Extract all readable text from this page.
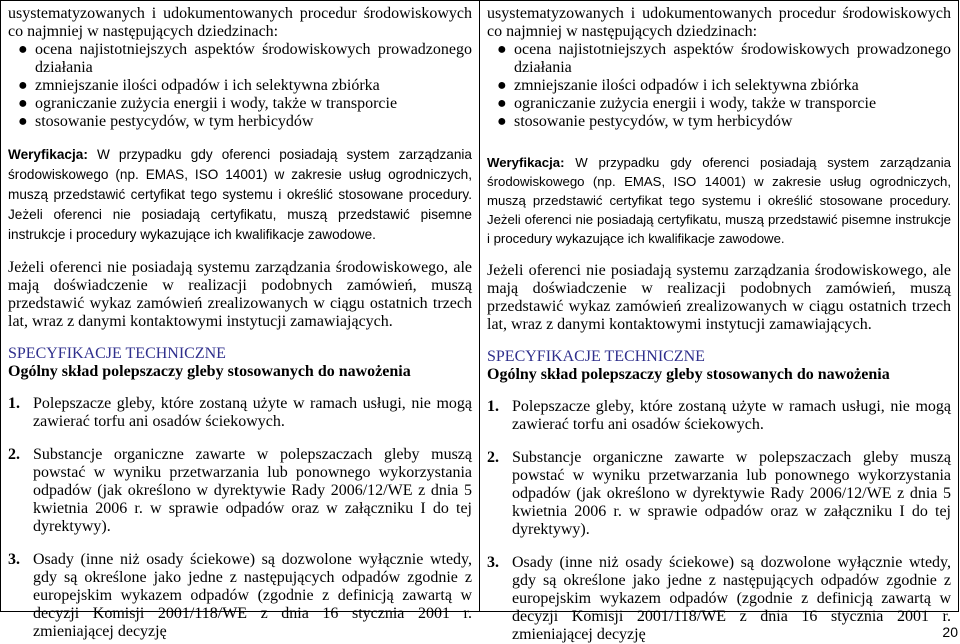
usystematyzowanych i udokumentowanych procedur środowiskowych co najmniej w następujących dziedzinach:

● ocena najistotniejszych aspektów środowiskowych prowadzonego działania
● zmniejszanie ilości odpadów i ich selektywna zbiórka
● ograniczanie zużycia energii i wody, także w transporcie
● stosowanie pestycydów, w tym herbicydów

Weryfikacja: W przypadku gdy oferenci posiadają system zarządzania środowiskowego (np. EMAS, ISO 14001) w zakresie usług ogrodniczych, muszą przedstawić certyfikat tego systemu i określić stosowane procedury. Jeżeli oferenci nie posiadają certyfikatu, muszą przedstawić pisemne instrukcje i procedury wykazujące ich kwalifikacje zawodowe.

Jeżeli oferenci nie posiadają systemu zarządzania środowiskowego, ale mają doświadczenie w realizacji podobnych zamówień, muszą przedstawić wykaz zamówień zrealizowanych w ciągu ostatnich trzech lat, wraz z danymi kontaktowymi instytucji zamawiających.

SPECYFIKACJE TECHNICZNE

Ogólny skład polepszaczy gleby stosowanych do nawożenia

1. Polepszacze gleby, które zostaną użyte w ramach usługi, nie mogą zawierać torfu ani osadów ściekowych.
2. Substancje organiczne zawarte w polepszaczach gleby muszą powstać w wyniku przetwarzania lub ponownego wykorzystania odpadów (jak określono w dyrektywie Rady 2006/12/WE z dnia 5 kwietnia 2006 r. w sprawie odpadów oraz w załączniku I do tej dyrektywy).
3. Osady (inne niż osady ściekowe) są dozwolone wyłącznie wtedy, gdy są określone jako jedne z następujących odpadów zgodnie z europejskim wykazem odpadów (zgodnie z definicją zawartą w decyzji Komisji 2001/118/WE z dnia 16 stycznia 2001 r. zmieniającej decyzję

usystematyzowanych i udokumentowanych procedur środowiskowych co najmniej w następujących dziedzinach:

● ocena najistotniejszych aspektów środowiskowych prowadzonego działania
● zmniejszanie ilości odpadów i ich selektywna zbiórka
● ograniczanie zużycia energii i wody, także w transporcie
● stosowanie pestycydów, w tym herbicydów

Weryfikacja: W przypadku gdy oferenci posiadają system zarządzania środowiskowego (np. EMAS, ISO 14001) w zakresie usług ogrodniczych, muszą przedstawić certyfikat tego systemu i określić stosowane procedury. Jeżeli oferenci nie posiadają certyfikatu, muszą przedstawić pisemne instrukcje i procedury wykazujące ich kwalifikacje zawodowe.

Jeżeli oferenci nie posiadają systemu zarządzania środowiskowego, ale mają doświadczenie w realizacji podobnych zamówień, muszą przedstawić wykaz zamówień zrealizowanych w ciągu ostatnich trzech lat, wraz z danymi kontaktowymi instytucji zamawiających.

SPECYFIKACJE TECHNICZNE

Ogólny skład polepszaczy gleby stosowanych do nawożenia

1. Polepszacze gleby, które zostaną użyte w ramach usługi, nie mogą zawierać torfu ani osadów ściekowych.
2. Substancje organiczne zawarte w polepszaczach gleby muszą powstać w wyniku przetwarzania lub ponownego wykorzystania odpadów (jak określono w dyrektywie Rady 2006/12/WE z dnia 5 kwietnia 2006 r. w sprawie odpadów oraz w załączniku I do tej dyrektywy).
3. Osady (inne niż osady ściekowe) są dozwolone wyłącznie wtedy, gdy są określone jako jedne z następujących odpadów zgodnie z europejskim wykazem odpadów (zgodnie z definicją zawartą w decyzji Komisji 2001/118/WE z dnia 16 stycznia 2001 r. zmieniającej decyzję	20
